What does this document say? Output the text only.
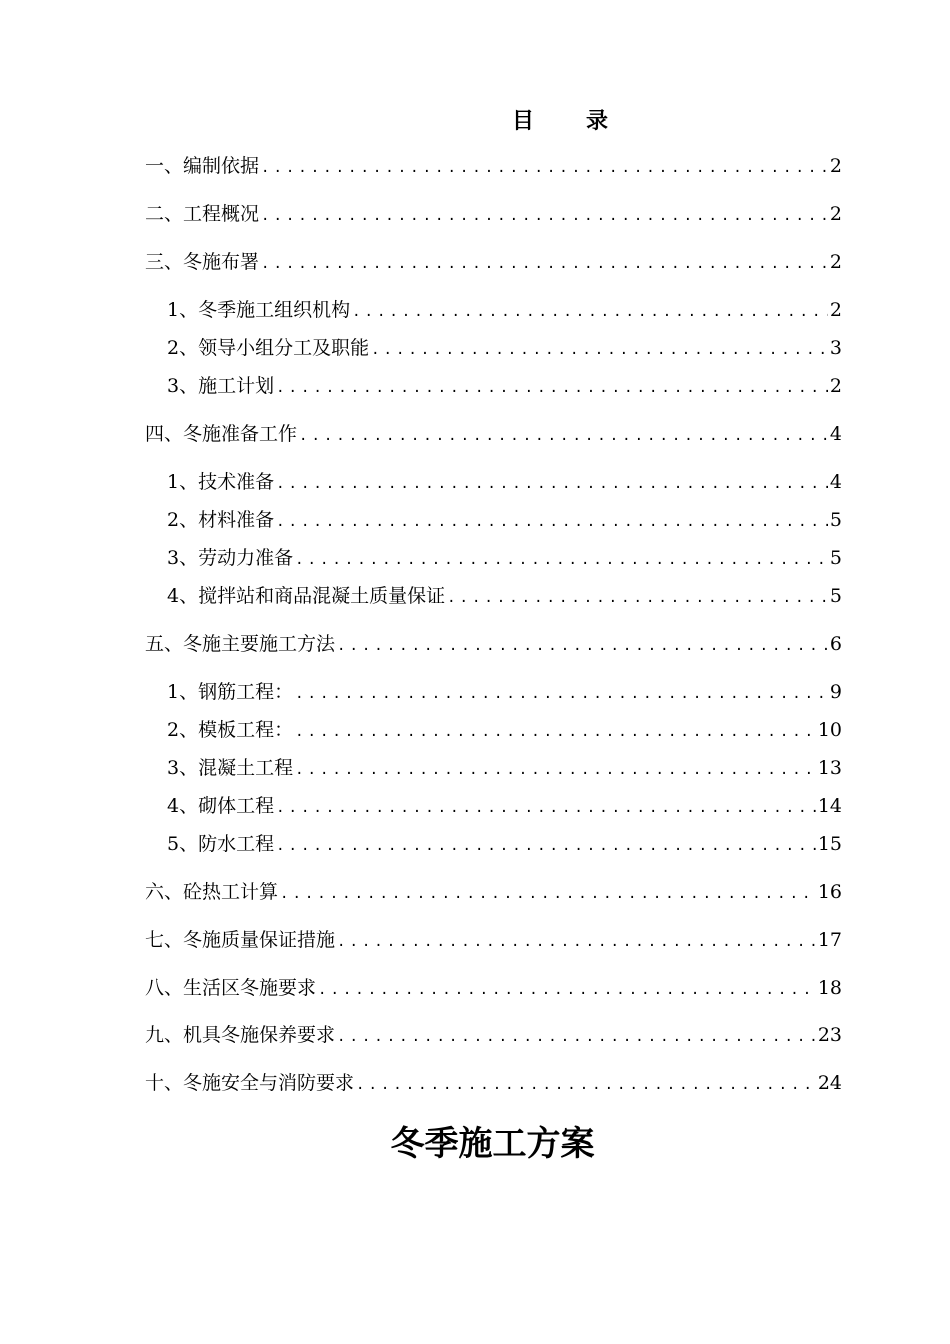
目 录
一、编制依据 .....	2
二、工程概况 .....	2
三、冬施布署 .....	2
1、冬季施工组织机构 .....	2
2、领导小组分工及职能 .....	3
3、施工计划 .....	2
四、冬施准备工作 .....	4
1、技术准备 .....	4
2、材料准备 .....	5
3、劳动力准备 .....	5
4、搅拌站和商品混凝土质量保证 .....	5
五、冬施主要施工方法 .....	6
1、钢筋工程： .....	9
2、模板工程： .....	10
3、混凝土工程 .....	13
4、砌体工程 .....	14
5、防水工程 .....	15
六、砼热工计算 .....	16
七、冬施质量保证措施 .....	17
八、生活区冬施要求 .....	18
九、机具冬施保养要求 .....	23
十、冬施安全与消防要求 .....	24
冬季施工方案
